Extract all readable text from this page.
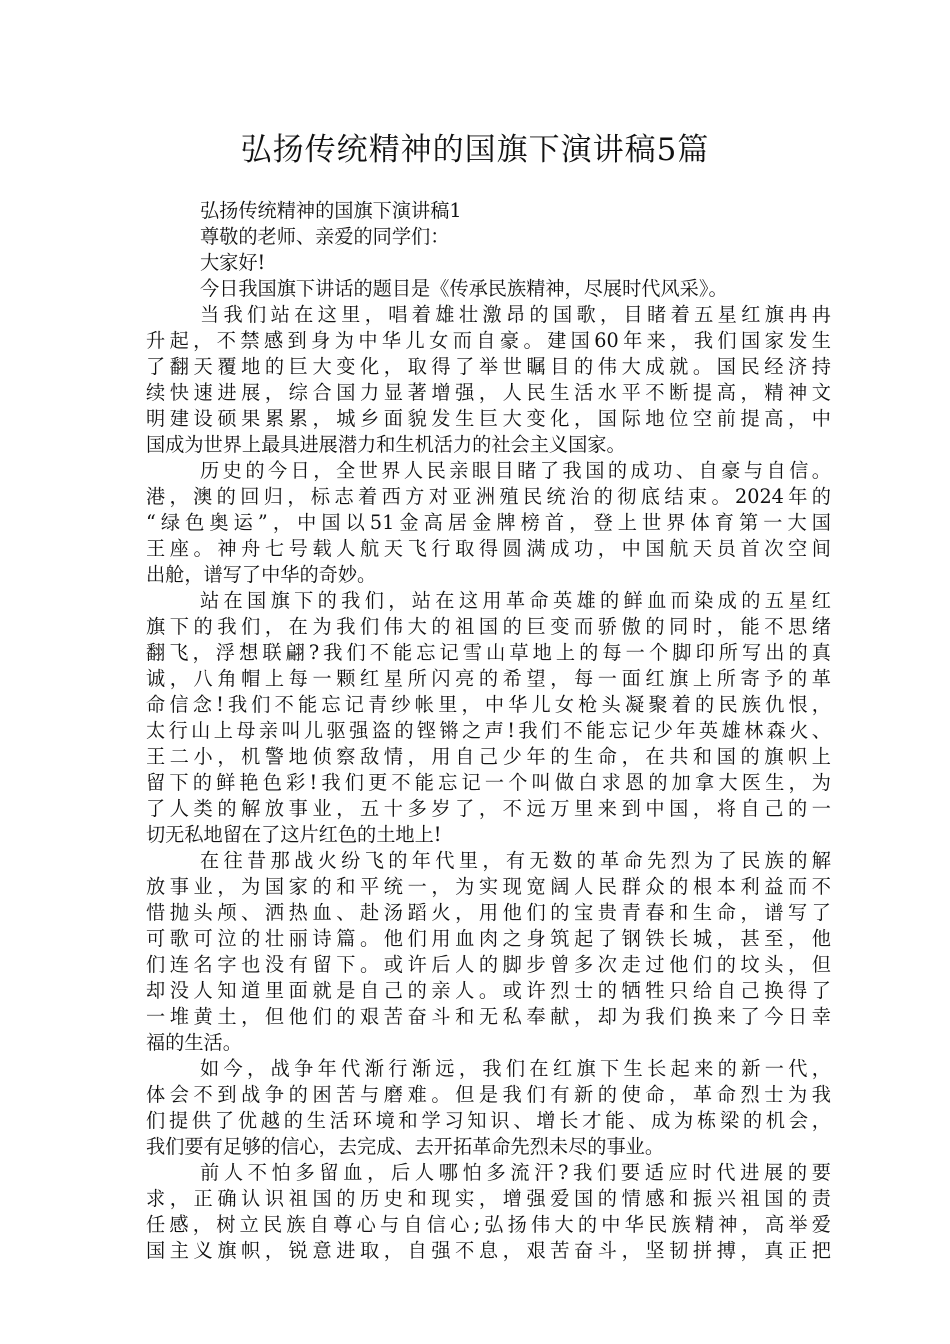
弘扬传统精神的国旗下演讲稿5篇
弘扬传统精神的国旗下演讲稿1
尊敬的老师、亲爱的同学们：
大家好!
今日我国旗下讲话的题目是《传承民族精神，尽展时代风采》。
当我们站在这里，唱着雄壮激昂的国歌，目睹着五星红旗冉冉
升起，不禁感到身为中华儿女而自豪。建国60年来，我们国家发生
了翻天覆地的巨大变化，取得了举世瞩目的伟大成就。国民经济持
续快速进展，综合国力显著增强，人民生活水平不断提高，精神文
明建设硕果累累，城乡面貌发生巨大变化，国际地位空前提高，中
国成为世界上最具进展潜力和生机活力的社会主义国家。
历史的今日，全世界人民亲眼目睹了我国的成功、自豪与自信。
港，澳的回归，标志着西方对亚洲殖民统治的彻底结束。2024年的
“绿色奥运”，中国以51金高居金牌榜首，登上世界体育第一大国
王座。神舟七号载人航天飞行取得圆满成功，中国航天员首次空间
出舱，谱写了中华的奇妙。
站在国旗下的我们，站在这用革命英雄的鲜血而染成的五星红
旗下的我们，在为我们伟大的祖国的巨变而骄傲的同时，能不思绪
翻飞，浮想联翩?我们不能忘记雪山草地上的每一个脚印所写出的真
诚，八角帽上每一颗红星所闪亮的希望，每一面红旗上所寄予的革
命信念!我们不能忘记青纱帐里，中华儿女枪头凝聚着的民族仇恨，
太行山上母亲叫儿驱强盗的铿锵之声!我们不能忘记少年英雄林森火、
王二小，机警地侦察敌情，用自己少年的生命，在共和国的旗帜上
留下的鲜艳色彩!我们更不能忘记一个叫做白求恩的加拿大医生，为
了人类的解放事业，五十多岁了，不远万里来到中国，将自己的一
切无私地留在了这片红色的土地上!
在往昔那战火纷飞的年代里，有无数的革命先烈为了民族的解
放事业，为国家的和平统一，为实现宽阔人民群众的根本利益而不
惜抛头颅、洒热血、赴汤蹈火，用他们的宝贵青春和生命，谱写了
可歌可泣的壮丽诗篇。他们用血肉之身筑起了钢铁长城，甚至，他
们连名字也没有留下。或许后人的脚步曾多次走过他们的坟头，但
却没人知道里面就是自己的亲人。或许烈士的牺牲只给自己换得了
一堆黄土，但他们的艰苦奋斗和无私奉献，却为我们换来了今日幸
福的生活。
如今，战争年代渐行渐远，我们在红旗下生长起来的新一代，
体会不到战争的困苦与磨难。但是我们有新的使命，革命烈士为我
们提供了优越的生活环境和学习知识、增长才能、成为栋梁的机会，
我们要有足够的信心，去完成、去开拓革命先烈未尽的事业。
前人不怕多留血，后人哪怕多流汗?我们要适应时代进展的要
求，正确认识祖国的历史和现实，增强爱国的情感和振兴祖国的责
任感，树立民族自尊心与自信心;弘扬伟大的中华民族精神，高举爱
国主义旗帜，锐意进取，自强不息，艰苦奋斗，坚韧拼搏，真正把
